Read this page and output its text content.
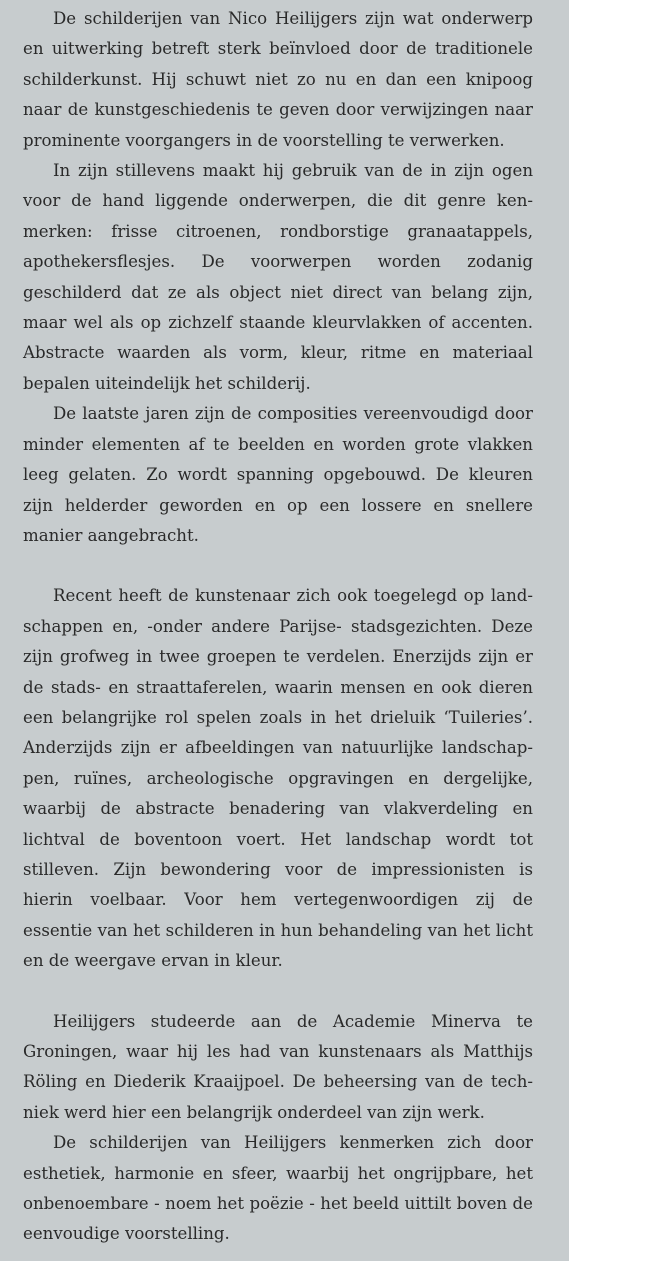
De schilderijen van Nico Heilijgers zijn wat onderwerp en uitwerking betreft sterk beïnvloed door de traditionele schilderkunst. Hij schuwt niet zo nu en dan een knipoog naar de kunstgeschiedenis te geven door verwijzingen naar prominente voorgangers in de voorstelling te verwerken.

In zijn stillevens maakt hij gebruik van de in zijn ogen voor de hand liggende onderwerpen, die dit genre kenmerken: frisse citroenen, rondborstige granaatappels, apothekersflesjes. De voorwerpen worden zodanig geschilderd dat ze als object niet direct van belang zijn, maar wel als op zichzelf staande kleurvlakken of accenten. Abstracte waarden als vorm, kleur, ritme en materiaal bepalen uiteindelijk het schilderij.

De laatste jaren zijn de composities vereenvoudigd door minder elementen af te beelden en worden grote vlakken leeg gelaten. Zo wordt spanning opgebouwd. De kleuren zijn helderder geworden en op een lossere en snellere manier aangebracht.

Recent heeft de kunstenaar zich ook toegelegd op landschappen en, -onder andere Parijse- stadsgezichten. Deze zijn grofweg in twee groepen te verdelen. Enerzijds zijn er de stads- en straattaferelen, waarin mensen en ook dieren een belangrijke rol spelen zoals in het drieluik ‘Tuileries’. Anderzijds zijn er afbeeldingen van natuurlijke landschappen, ruïnes, archeologische opgravingen en dergelijke, waarbij de abstracte benadering van vlakverdeling en lichtval de boventoon voert. Het landschap wordt tot stilleven. Zijn bewondering voor de impressionisten is hierin voelbaar. Voor hem vertegenwoordigen zij de essentie van het schilderen in hun behandeling van het licht en de weergave ervan in kleur.

Heilijgers studeerde aan de Academie Minerva te Groningen, waar hij les had van kunstenaars als Matthijs Röling en Diederik Kraaijpoel. De beheersing van de techniek werd hier een belangrijk onderdeel van zijn werk.

De schilderijen van Heilijgers kenmerken zich door esthetiek, harmonie en sfeer, waarbij het ongrijpbare, het onbenoembare - noem het poëzie - het beeld uittilt boven de eenvoudige voorstelling.
